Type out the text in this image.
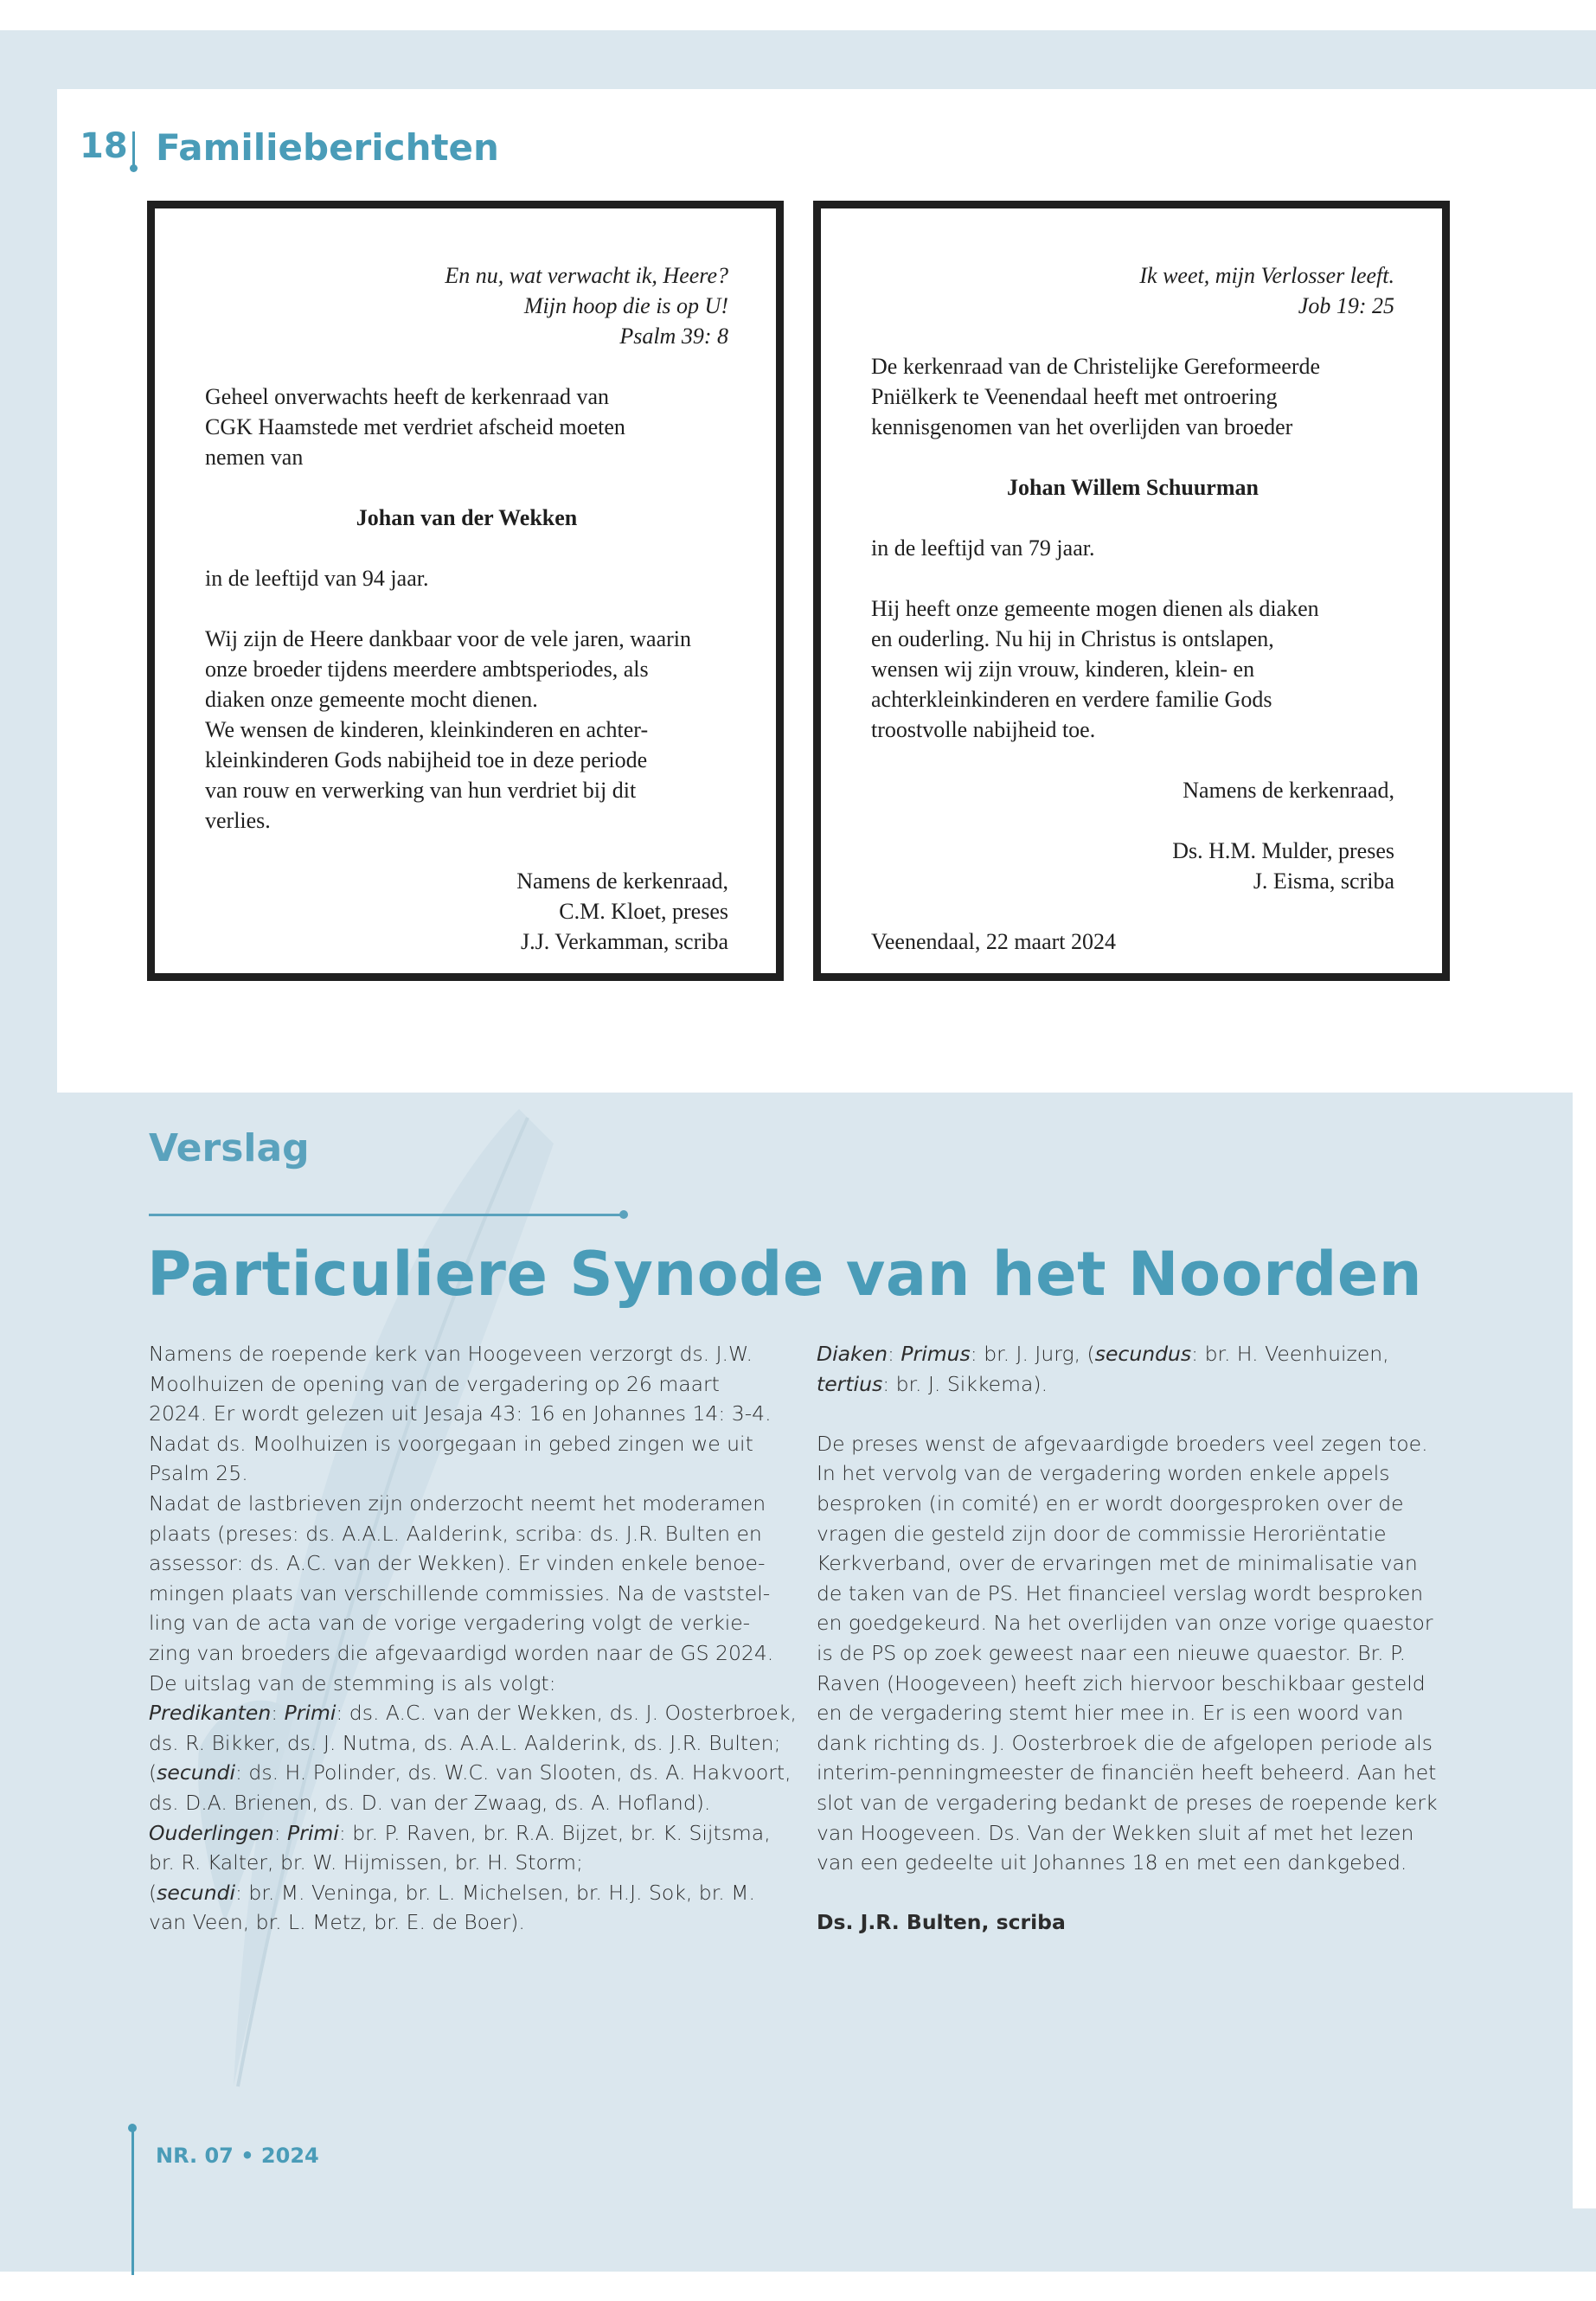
18 Familieberichten
En nu, wat verwacht ik, Heere?
Mijn hoop die is op U!
Psalm 39: 8
Geheel onverwachts heeft de kerkenraad van
CGK Haamstede met verdriet afscheid moeten
nemen van
Johan van der Wekken
in de leeftijd van 94 jaar.
Wij zijn de Heere dankbaar voor de vele jaren, waarin
onze broeder tijdens meerdere ambtsperiodes, als
diaken onze gemeente mocht dienen.
We wensen de kinderen, kleinkinderen en achter-
kleinkinderen Gods nabijheid toe in deze periode
van rouw en verwerking van hun verdriet bij dit
verlies.
Namens de kerkenraad,
C.M. Kloet, preses
J.J. Verkamman, scriba
Ik weet, mijn Verlosser leeft.
Job 19: 25
De kerkenraad van de Christelijke Gereformeerde
Pniëlkerk te Veenendaal heeft met ontroering
kennisgenomen van het overlijden van broeder
Johan Willem Schuurman
in de leeftijd van 79 jaar.
Hij heeft onze gemeente mogen dienen als diaken
en ouderling. Nu hij in Christus is ontslapen,
wensen wij zijn vrouw, kinderen, klein- en
achterkleinkinderen en verdere familie Gods
troostvolle nabijheid toe.
Namens de kerkenraad,
Ds. H.M. Mulder, preses
J. Eisma, scriba
Veenendaal, 22 maart 2024
Verslag
Particuliere Synode van het Noorden
Namens de roepende kerk van Hoogeveen verzorgt ds. J.W.
Moolhuizen de opening van de vergadering op 26 maart
2024. Er wordt gelezen uit Jesaja 43: 16 en Johannes 14: 3-4.
Nadat ds. Moolhuizen is voorgegaan in gebed zingen we uit
Psalm 25.
Nadat de lastbrieven zijn onderzocht neemt het moderamen
plaats (preses: ds. A.A.L. Aalderink, scriba: ds. J.R. Bulten en
assessor: ds. A.C. van der Wekken). Er vinden enkele benoe-
mingen plaats van verschillende commissies. Na de vaststel-
ling van de acta van de vorige vergadering volgt de verkie-
zing van broeders die afgevaardigd worden naar de GS 2024.
De uitslag van de stemming is als volgt:
Predikanten: Primi: ds. A.C. van der Wekken, ds. J. Oosterbroek,
ds. R. Bikker, ds. J. Nutma, ds. A.A.L. Aalderink, ds. J.R. Bulten;
(secundi: ds. H. Polinder, ds. W.C. van Slooten, ds. A. Hakvoort,
ds. D.A. Brienen, ds. D. van der Zwaag, ds. A. Hofland).
Ouderlingen: Primi: br. P. Raven, br. R.A. Bijzet, br. K. Sijtsma,
br. R. Kalter, br. W. Hijmissen, br. H. Storm;
(secundi: br. M. Veninga, br. L. Michelsen, br. H.J. Sok, br. M.
van Veen, br. L. Metz, br. E. de Boer).
Diaken: Primus: br. J. Jurg, (secundus: br. H. Veenhuizen,
tertius: br. J. Sikkema).
De preses wenst de afgevaardigde broeders veel zegen toe.
In het vervolg van de vergadering worden enkele appels
besproken (in comité) en er wordt doorgesproken over de
vragen die gesteld zijn door de commissie Heroriëntatie
Kerkverband, over de ervaringen met de minimalisatie van
de taken van de PS. Het financieel verslag wordt besproken
en goedgekeurd. Na het overlijden van onze vorige quaestor
is de PS op zoek geweest naar een nieuwe quaestor. Br. P.
Raven (Hoogeveen) heeft zich hiervoor beschikbaar gesteld
en de vergadering stemt hier mee in. Er is een woord van
dank richting ds. J. Oosterbroek die de afgelopen periode als
interim-penningmeester de financiën heeft beheerd. Aan het
slot van de vergadering bedankt de preses de roepende kerk
van Hoogeveen. Ds. Van der Wekken sluit af met het lezen
van een gedeelte uit Johannes 18 en met een dankgebed.
Ds. J.R. Bulten, scriba
NR. 07 • 2024
